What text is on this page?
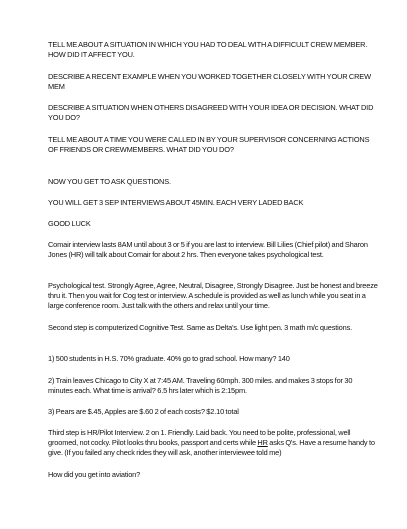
TELL ME ABOUT A SITUATION IN WHICH YOU HAD TO DEAL WITH A DIFFICULT CREW MEMBER. HOW DID IT AFFECT YOU.
DESCRIBE A RECENT EXAMPLE WHEN YOU WORKED TOGETHER CLOSELY WITH YOUR CREW MEM
DESCRIBE A SITUATION WHEN OTHERS DISAGREED WITH YOUR IDEA OR DECISION. WHAT DID YOU DO?
TELL ME ABOUT A TIME YOU WERE CALLED IN BY YOUR SUPERVISOR CONCERNING ACTIONS OF FRIENDS OR CREWMEMBERS. WHAT DID YOU DO?
NOW YOU GET TO ASK QUESTIONS.
YOU WILL GET 3 SEP INTERVIEWS ABOUT 45MIN. EACH VERY LADED BACK
GOOD LUCK
Comair interview lasts 8AM until about 3 or 5 if you are last to interview. Bill Lilies (Chief pilot) and Sharon Jones (HR) will talk about Comair for about 2 hrs. Then everyone takes psychological test.
Psychological test. Strongly Agree, Agree, Neutral, Disagree, Strongly Disagree. Just be honest and breeze thru it. Then you wait for Cog test or interview. A schedule is provided as well as lunch while you seat in a large conference room. Just talk with the others and relax until your time.
Second step is computerized Cognitive Test. Same as Delta's. Use light pen. 3 math m/c questions.
1) 500 students in H.S. 70% graduate. 40% go to grad school. How many? 140
2) Train leaves Chicago to City X at 7:45 AM. Traveling 60mph. 300 miles. and makes 3 stops for 30 minutes each. What time is arrival? 6.5 hrs later which is 2:15pm.
3) Pears are $.45, Apples are $.60 2 of each costs? $2.10 total
Third step is HR/Pilot Interview. 2 on 1. Friendly. Laid back. You need to be polite, professional, well groomed, not cocky. Pilot looks thru books, passport and certs while HR asks Q's. Have a resume handy to give. (If you failed any check rides they will ask, another interviewee told me)
How did you get into aviation?
